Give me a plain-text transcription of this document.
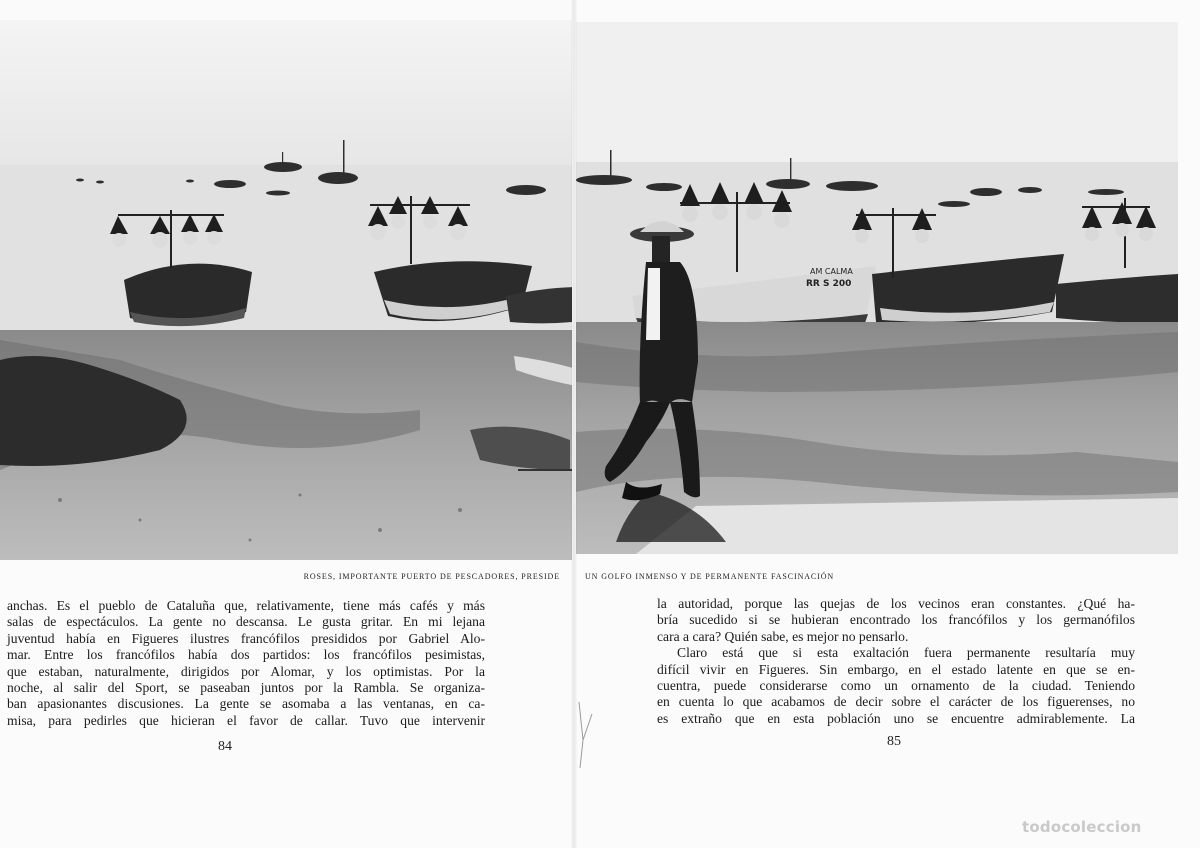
AM CALMA
RR S 200
ROSES, IMPORTANTE PUERTO DE PESCADORES, PRESIDE	UN GOLFO INMENSO Y DE PERMANENTE FASCINACIÓN
anchas. Es el pueblo de Cataluña que, relativamente, tiene más cafés y más
salas de espectáculos. La gente no descansa. Le gusta gritar. En mi lejana
juventud había en Figueres ilustres francófilos presididos por Gabriel Alo-
mar. Entre los francófilos había dos partidos: los francófilos pesimistas,
que estaban, naturalmente, dirigidos por Alomar, y los optimistas. Por la
noche, al salir del Sport, se paseaban juntos por la Rambla. Se organiza-
ban apasionantes discusiones. La gente se asomaba a las ventanas, en ca-
misa, para pedirles que hicieran el favor de callar. Tuvo que intervenir
84
la autoridad, porque las quejas de los vecinos eran constantes. ¿Qué ha-
bría sucedido si se hubieran encontrado los francófilos y los germanófilos
cara a cara? Quién sabe, es mejor no pensarlo.
Claro está que si esta exaltación fuera permanente resultaría muy
difícil vivir en Figueres. Sin embargo, en el estado latente en que se en-
cuentra, puede considerarse como un ornamento de la ciudad. Teniendo
en cuenta lo que acabamos de decir sobre el carácter de los figuerenses, no
es extraño que en esta población uno se encuentre admirablemente. La
85
todocoleccion
